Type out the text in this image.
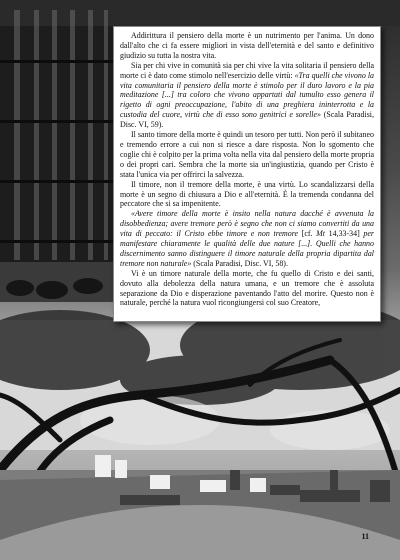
Addirittura il pensiero della morte è un nutrimento per l'anima. Un dono dall'alto che ci fa essere migliori in vista dell'eternità e del santo e definitivo giudizio su tutta la nostra vita.

Sia per chi vive in comunità sia per chi vive la vita solitaria il pensiero della morte ci è dato come stimolo nell'esercizio delle virtù: «Tra quelli che vivono la vita comunitaria il pensiero della morte è stimolo per il duro lavoro e la pia meditazione [...] tra coloro che vivono appartati dal tumulto esso genera il rigetto di ogni preoccupazione, l'abito di una preghiera ininterrotta e la custodia del cuore, virtù che di esso sono genitrici e sorelle» (Scala Paradisi, Disc. VI, 59).

Il santo timore della morte è quindi un tesoro per tutti. Non però il subitaneo e tremendo errore a cui non si riesce a dare risposta. Non lo sgomento che coglie chi è colpito per la prima volta nella vita dal pensiero della morte propria o dei propri cari. Sembra che la morte sia un'ingiustizia, quando per Cristo è stata l'unica via per offrirci la salvezza.

Il timore, non il tremore della morte, è una virtù. Lo scandalizzarsi della morte è un segno di chiusura a Dio e all'eternità. È la tremenda condanna del peccatore che si sa impenitente.

«Avere timore della morte è insito nella natura dacché è avvenuta la disobbedienza; avere tremore però è segno che non ci siamo convertiti da una vita di peccato: il Cristo ebbe timore e non tremore [cf. Mt 14,33-34] per manifestare chiaramente le qualità delle due nature [...]. Quelli che hanno discernimento sanno distinguere il timore naturale della propria dipartita dal tremore non naturale» (Scala Paradisi, Disc. VI, 58).

Vi è un timore naturale della morte, che fu quello di Cristo e dei santi, dovuto alla debolezza della natura umana, e un tremore che è assoluta separazione da Dio e disperazione paventando l'atto del morire. Questo non è naturale, perché la natura vuol ricongiungersi col suo Creatore,

11
